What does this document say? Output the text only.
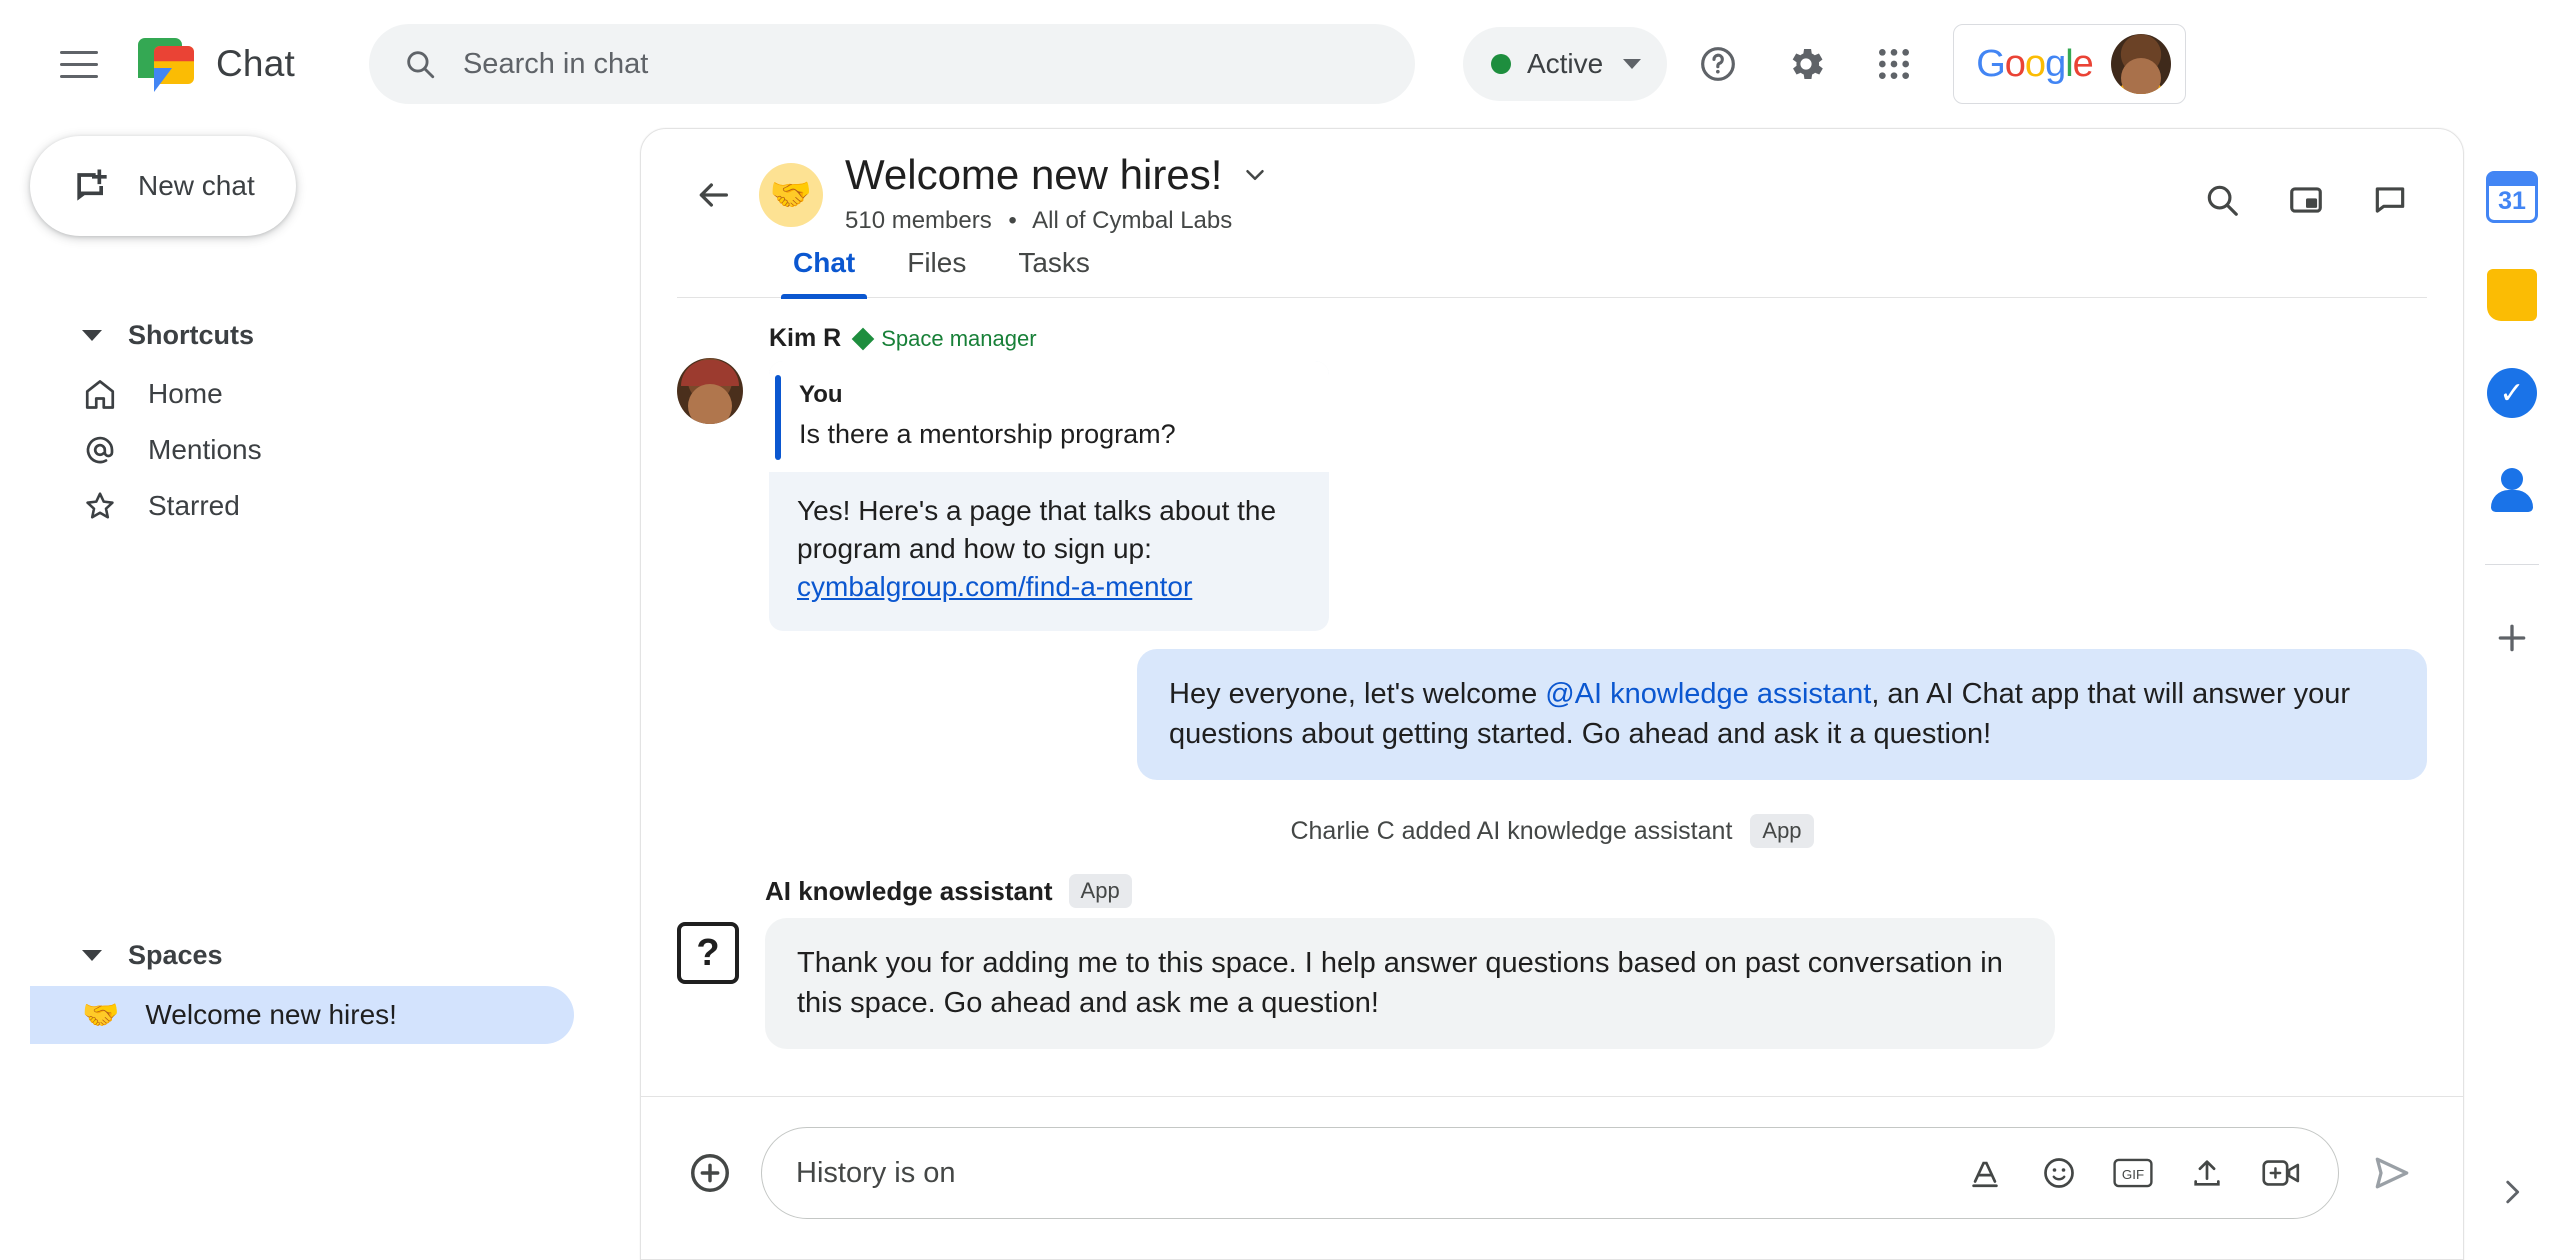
Chat	Search in chat	Active	Google
New chat
Shortcuts
Home
Mentions
Starred
Spaces
🤝 Welcome new hires!
🤝 Welcome new hires!
510 members • All of Cymbal Labs
Chat	Files	Tasks
Kim R Space manager
You
Is there a mentorship program?
Yes! Here's a page that talks about the program and how to sign up: cymbalgroup.com/find-a-mentor
Hey everyone, let's welcome @AI knowledge assistant, an AI Chat app that will answer your questions about getting started. Go ahead and ask it a question!
Charlie C added AI knowledge assistant	App
?
AI knowledge assistant	App
Thank you for adding me to this space. I help answer questions based on past conversation in this space. Go ahead and ask me a question!
History is on	GIF
31
✓
